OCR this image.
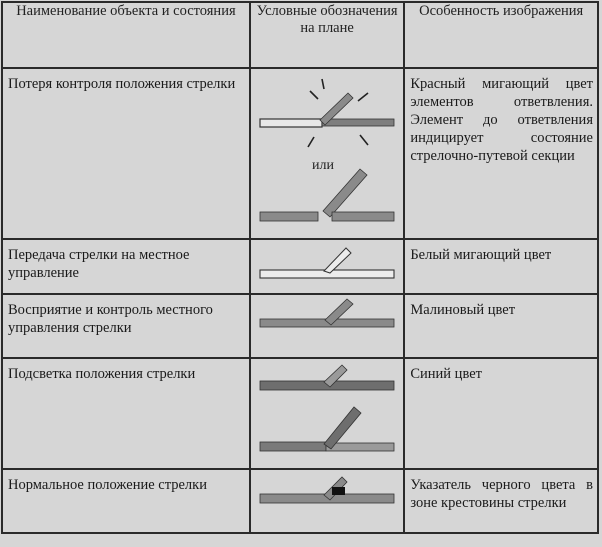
Наименование объекта и состояния	Условные обозначения на плане	Особенность изображения

Потеря контроля положения стрелки	или	Красный мигающий цвет элементов ответвления. Элемент до ответвления индицирует состояние стрелочно-путевой секции
Передача стрелки на местное управление		Белый мигающий цвет
Восприятие и контроль местного управления стрелки		Малиновый цвет
Подсветка положения стрелки		Синий цвет
Нормальное положение стрелки		Указатель черного цвета в зоне крестовины стрелки
